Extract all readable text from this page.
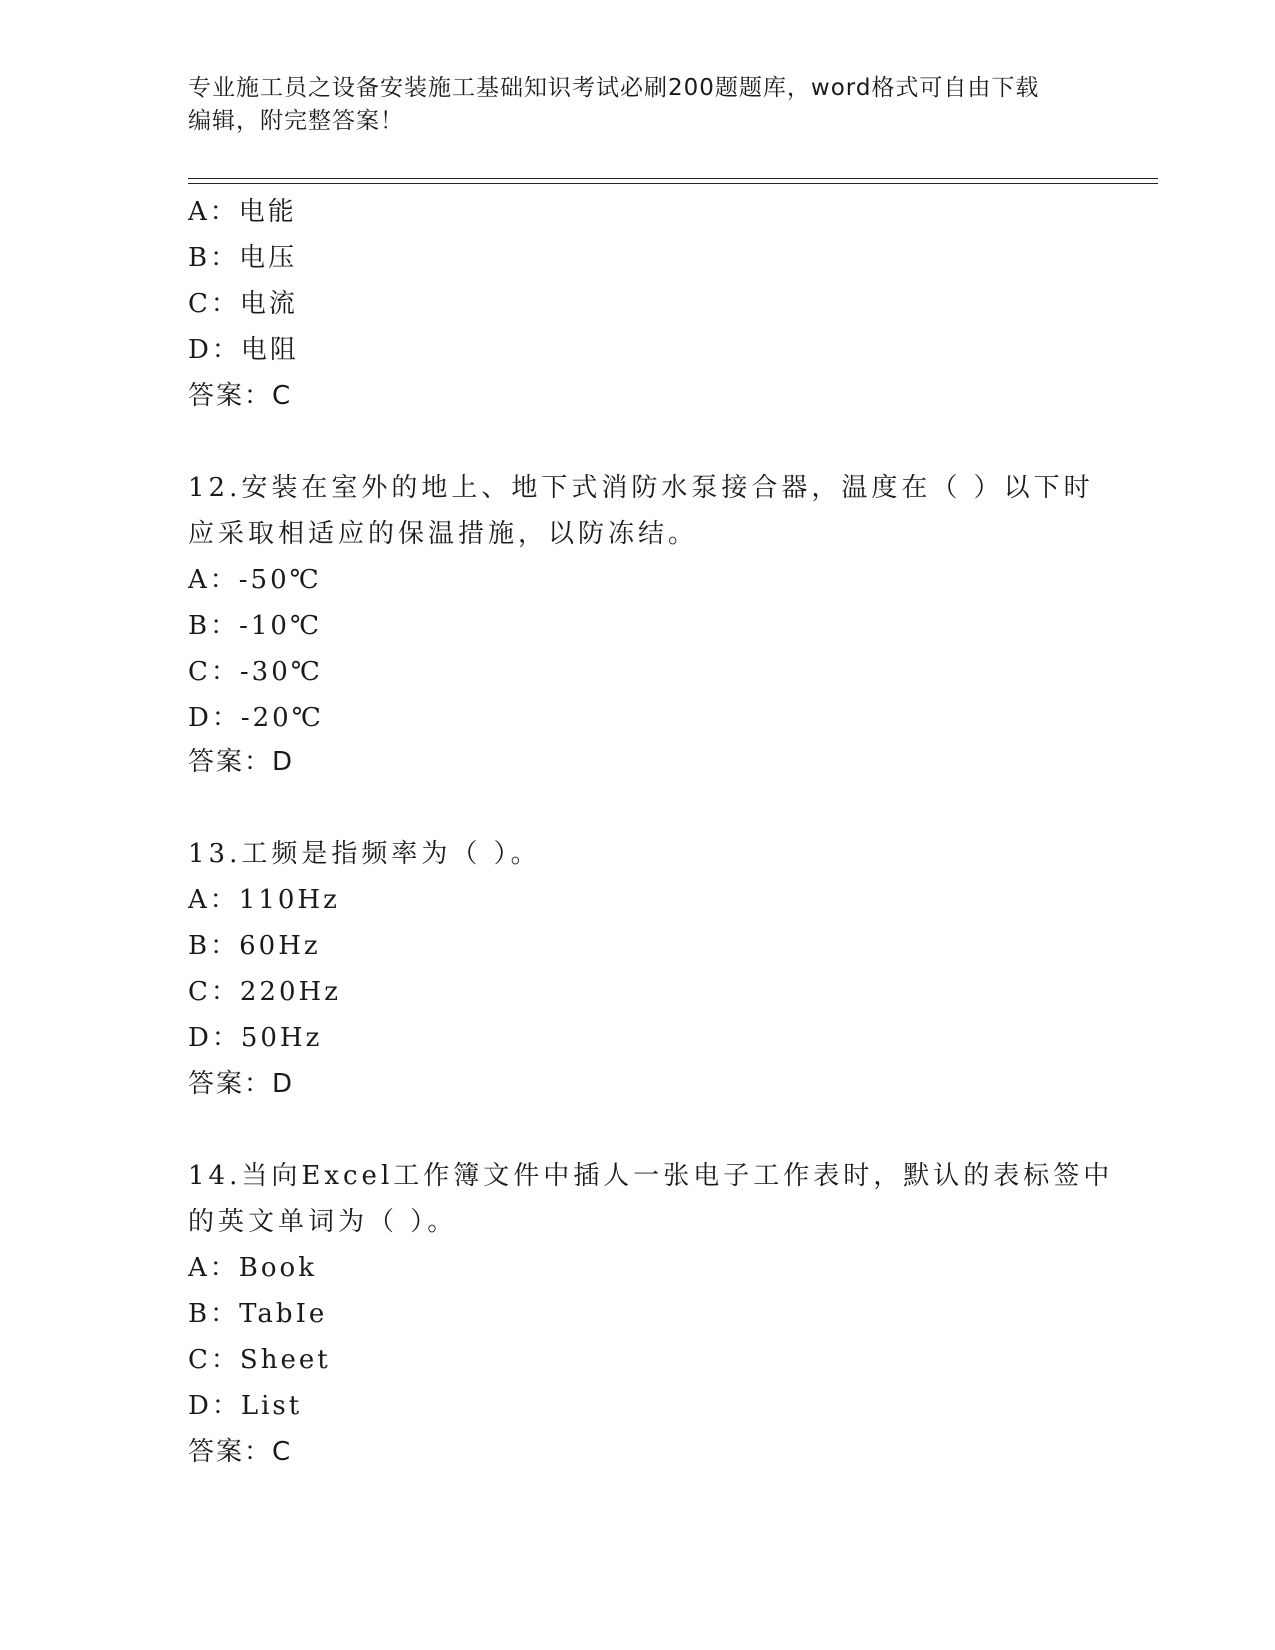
专业施工员之设备安装施工基础知识考试必刷200题题库，word格式可自由下载
编辑，附完整答案！
A：电能
B：电压
C：电流
D：电阻
答案：C
12.安装在室外的地上、地下式消防水泵接合器，温度在（ ）以下时
应采取相适应的保温措施，以防冻结。
A：-50℃
B：-10℃
C：-30℃
D：-20℃
答案：D
13.工频是指频率为（ ）。
A：110Hz
B：60Hz
C：220Hz
D：50Hz
答案：D
14.当向Excel工作簿文件中插人一张电子工作表时，默认的表标签中
的英文单词为（ ）。
A：Book
B：TabIe
C：Sheet
D：List
答案：C
